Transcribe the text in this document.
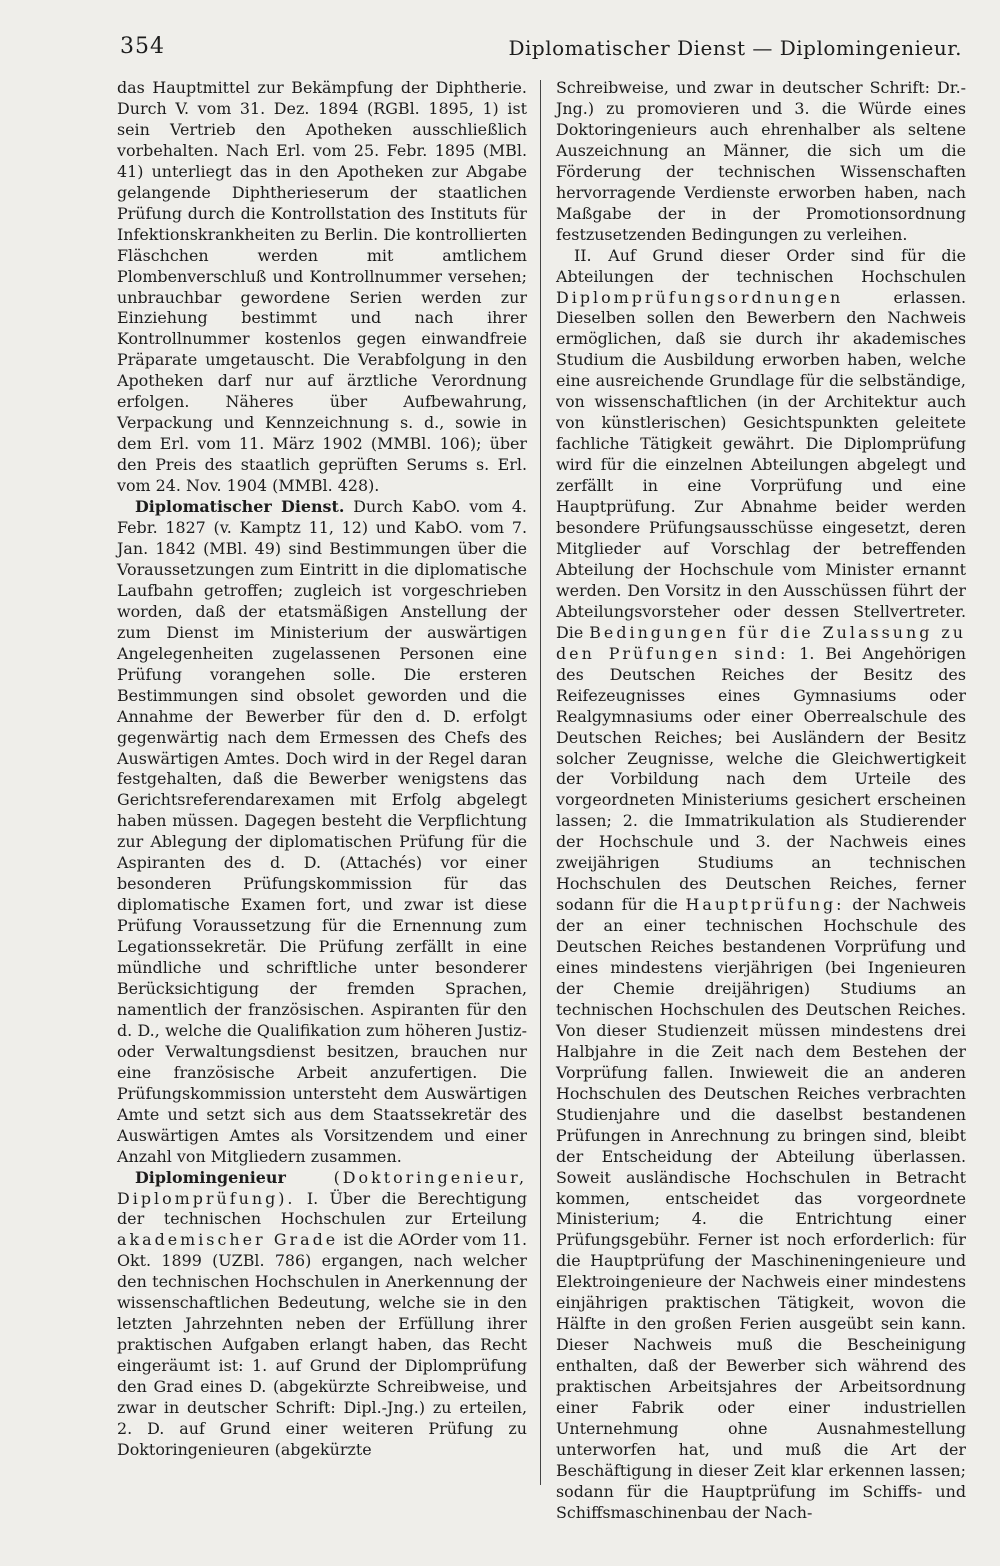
354	Diplomatischer Dienst — Diplomingenieur.

das Hauptmittel zur Bekämpfung der Diphtherie. Durch V. vom 31. Dez. 1894 (RGBl. 1895, 1) ist sein Vertrieb den Apotheken ausschließlich vorbehalten. Nach Erl. vom 25. Febr. 1895 (MBl. 41) unterliegt das in den Apotheken zur Abgabe gelangende Diphtherieserum der staatlichen Prüfung durch die Kontrollstation des Instituts für Infektionskrankheiten zu Berlin. Die kontrollierten Fläschchen werden mit amtlichem Plombenverschluß und Kontrollnummer versehen; unbrauchbar gewordene Serien werden zur Einziehung bestimmt und nach ihrer Kontrollnummer kostenlos gegen einwandfreie Präparate umgetauscht. Die Verabfolgung in den Apotheken darf nur auf ärztliche Verordnung erfolgen. Näheres über Aufbewahrung, Verpackung und Kennzeichnung s. d., sowie in dem Erl. vom 11. März 1902 (MMBl. 106); über den Preis des staatlich geprüften Serums s. Erl. vom 24. Nov. 1904 (MMBl. 428).

Diplomatischer Dienst. Durch KabO. vom 4. Febr. 1827 (v. Kamptz 11, 12) und KabO. vom 7. Jan. 1842 (MBl. 49) sind Bestimmungen über die Voraussetzungen zum Eintritt in die diplomatische Laufbahn getroffen; zugleich ist vorgeschrieben worden, daß der etatsmäßigen Anstellung der zum Dienst im Ministerium der auswärtigen Angelegenheiten zugelassenen Personen eine Prüfung vorangehen solle. Die ersteren Bestimmungen sind obsolet geworden und die Annahme der Bewerber für den d. D. erfolgt gegenwärtig nach dem Ermessen des Chefs des Auswärtigen Amtes. Doch wird in der Regel daran festgehalten, daß die Bewerber wenigstens das Gerichtsreferendarexamen mit Erfolg abgelegt haben müssen. Dagegen besteht die Verpflichtung zur Ablegung der diplomatischen Prüfung für die Aspiranten des d. D. (Attachés) vor einer besonderen Prüfungskommission für das diplomatische Examen fort, und zwar ist diese Prüfung Voraussetzung für die Ernennung zum Legationssekretär. Die Prüfung zerfällt in eine mündliche und schriftliche unter besonderer Berücksichtigung der fremden Sprachen, namentlich der französischen. Aspiranten für den d. D., welche die Qualifikation zum höheren Justiz- oder Verwaltungsdienst besitzen, brauchen nur eine französische Arbeit anzufertigen. Die Prüfungskommission untersteht dem Auswärtigen Amte und setzt sich aus dem Staatssekretär des Auswärtigen Amtes als Vorsitzendem und einer Anzahl von Mitgliedern zusammen.

Diplomingenieur (Doktoringenieur, Diplomprüfung). I. Über die Berechtigung der technischen Hochschulen zur Erteilung akademischer Grade ist die AOrder vom 11. Okt. 1899 (UZBl. 786) ergangen, nach welcher den technischen Hochschulen in Anerkennung der wissenschaftlichen Bedeutung, welche sie in den letzten Jahrzehnten neben der Erfüllung ihrer praktischen Aufgaben erlangt haben, das Recht eingeräumt ist: 1. auf Grund der Diplomprüfung den Grad eines D. (abgekürzte Schreibweise, und zwar in deutscher Schrift: Dipl.-Jng.) zu erteilen, 2. D. auf Grund einer weiteren Prüfung zu Doktoringenieuren (abgekürzte

Schreibweise, und zwar in deutscher Schrift: Dr.-Jng.) zu promovieren und 3. die Würde eines Doktoringenieurs auch ehrenhalber als seltene Auszeichnung an Männer, die sich um die Förderung der technischen Wissenschaften hervorragende Verdienste erworben haben, nach Maßgabe der in der Promotionsordnung festzusetzenden Bedingungen zu verleihen.

II. Auf Grund dieser Order sind für die Abteilungen der technischen Hochschulen Diplomprüfungsordnungen erlassen. Dieselben sollen den Bewerbern den Nachweis ermöglichen, daß sie durch ihr akademisches Studium die Ausbildung erworben haben, welche eine ausreichende Grundlage für die selbständige, von wissenschaftlichen (in der Architektur auch von künstlerischen) Gesichtspunkten geleitete fachliche Tätigkeit gewährt. Die Diplomprüfung wird für die einzelnen Abteilungen abgelegt und zerfällt in eine Vorprüfung und eine Hauptprüfung. Zur Abnahme beider werden besondere Prüfungsausschüsse eingesetzt, deren Mitglieder auf Vorschlag der betreffenden Abteilung der Hochschule vom Minister ernannt werden. Den Vorsitz in den Ausschüssen führt der Abteilungsvorsteher oder dessen Stellvertreter. Die Bedingungen für die Zulassung zu den Prüfungen sind: 1. Bei Angehörigen des Deutschen Reiches der Besitz des Reifezeugnisses eines Gymnasiums oder Realgymnasiums oder einer Oberrealschule des Deutschen Reiches; bei Ausländern der Besitz solcher Zeugnisse, welche die Gleichwertigkeit der Vorbildung nach dem Urteile des vorgeordneten Ministeriums gesichert erscheinen lassen; 2. die Immatrikulation als Studierender der Hochschule und 3. der Nachweis eines zweijährigen Studiums an technischen Hochschulen des Deutschen Reiches, ferner sodann für die Hauptprüfung: der Nachweis der an einer technischen Hochschule des Deutschen Reiches bestandenen Vorprüfung und eines mindestens vierjährigen (bei Ingenieuren der Chemie dreijährigen) Studiums an technischen Hochschulen des Deutschen Reiches. Von dieser Studienzeit müssen mindestens drei Halbjahre in die Zeit nach dem Bestehen der Vorprüfung fallen. Inwieweit die an anderen Hochschulen des Deutschen Reiches verbrachten Studienjahre und die daselbst bestandenen Prüfungen in Anrechnung zu bringen sind, bleibt der Entscheidung der Abteilung überlassen. Soweit ausländische Hochschulen in Betracht kommen, entscheidet das vorgeordnete Ministerium; 4. die Entrichtung einer Prüfungsgebühr. Ferner ist noch erforderlich: für die Hauptprüfung der Maschineningenieure und Elektroingenieure der Nachweis einer mindestens einjährigen praktischen Tätigkeit, wovon die Hälfte in den großen Ferien ausgeübt sein kann. Dieser Nachweis muß die Bescheinigung enthalten, daß der Bewerber sich während des praktischen Arbeitsjahres der Arbeitsordnung einer Fabrik oder einer industriellen Unternehmung ohne Ausnahmestellung unterworfen hat, und muß die Art der Beschäftigung in dieser Zeit klar erkennen lassen; sodann für die Hauptprüfung im Schiffs- und Schiffsmaschinenbau der Nach-
